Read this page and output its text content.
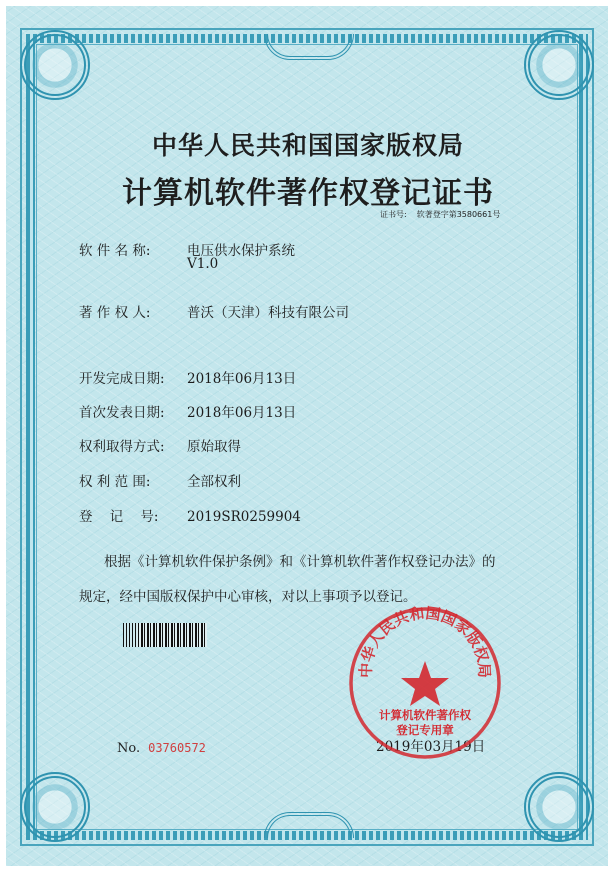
中华人民共和国国家版权局
计算机软件著作权登记证书
证书号: 软著登字第3580661号
软 件 名 称:	电压供水保护系统
V1.0
著 作 权 人:	普沃（天津）科技有限公司
开发完成日期: 2018年06月13日
首次发表日期: 2018年06月13日
权利取得方式: 原始取得
权 利 范 围:	全部权利
登    记    号: 2019SR0259904
根据《计算机软件保护条例》和《计算机软件著作权登记办法》的
规定，经中国版权保护中心审核，对以上事项予以登记。
No. 03760572	2019年03月19日
中华人民共和国国家版权局
计算机软件著作权
登记专用章
